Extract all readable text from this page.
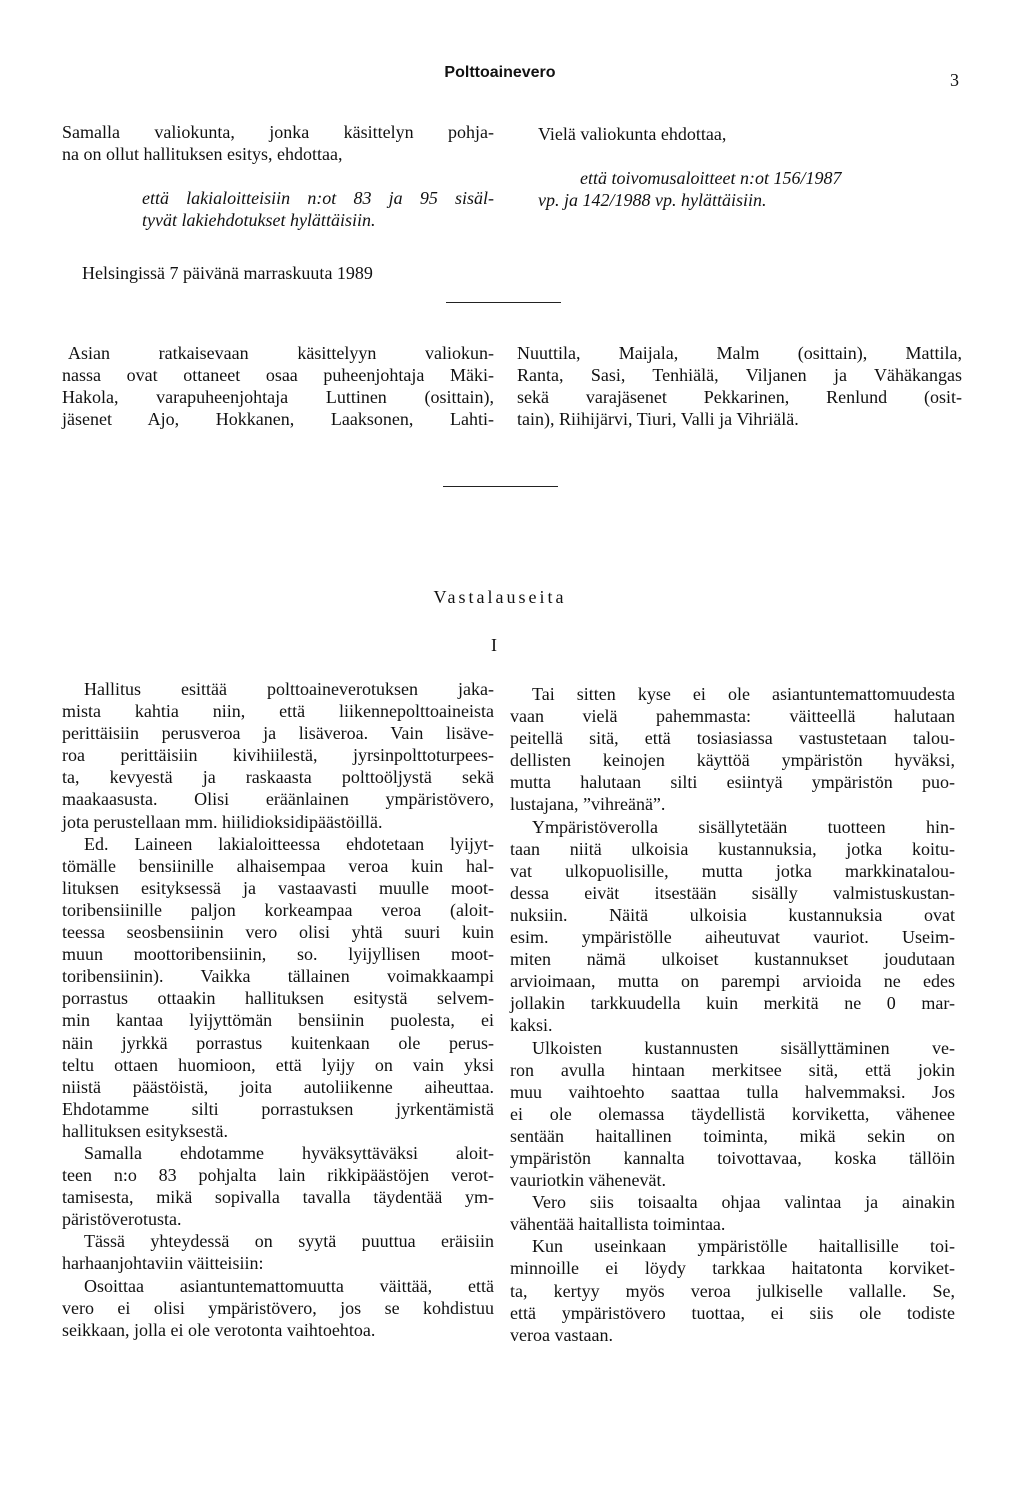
Polttoainevero	3
Samalla valiokunta, jonka käsittelyn pohja-
na on ollut hallituksen esitys, ehdottaa,
että lakialoitteisiin n:ot 83 ja 95 sisäl-
tyvät lakiehdotukset hylättäisiin.
Vielä valiokunta ehdottaa,
että toivomusaloitteet n:ot 156/1987
vp. ja 142/1988 vp. hylättäisiin.
Helsingissä 7 päivänä marraskuuta 1989
Asian ratkaisevaan käsittelyyn valiokun-
nassa ovat ottaneet osaa puheenjohtaja Mäki-
Hakola, varapuheenjohtaja Luttinen (osittain),
jäsenet Ajo, Hokkanen, Laaksonen, Lahti-
Nuuttila, Maijala, Malm (osittain), Mattila,
Ranta, Sasi, Tenhiälä, Viljanen ja Vähäkangas
sekä varajäsenet Pekkarinen, Renlund (osit-
tain), Riihijärvi, Tiuri, Valli ja Vihriälä.
Vastalauseita
I
Hallitus esittää polttoaineverotuksen jaka-
mista kahtia niin, että liikennepolttoaineista
perittäisiin perusveroa ja lisäveroa. Vain lisäve-
roa perittäisiin kivihiilestä, jyrsinpolttoturpees-
ta, kevyestä ja raskaasta polttoöljystä sekä
maakaasusta. Olisi eräänlainen ympäristövero,
jota perustellaan mm. hiilidioksidipäästöillä.
Ed. Laineen lakialoitteessa ehdotetaan lyijyt-
tömälle bensiinille alhaisempaa veroa kuin hal-
lituksen esityksessä ja vastaavasti muulle moot-
toribensiinille paljon korkeampaa veroa (aloit-
teessa seosbensiinin vero olisi yhtä suuri kuin
muun moottoribensiinin, so. lyijyllisen moot-
toribensiinin). Vaikka tällainen voimakkaampi
porrastus ottaakin hallituksen esitystä selvem-
min kantaa lyijyttömän bensiinin puolesta, ei
näin jyrkkä porrastus kuitenkaan ole perus-
teltu ottaen huomioon, että lyijy on vain yksi
niistä päästöistä, joita autoliikenne aiheuttaa.
Ehdotamme silti porrastuksen jyrkentämistä
hallituksen esityksestä.
Samalla ehdotamme hyväksyttäväksi aloit-
teen n:o 83 pohjalta lain rikkipäästöjen verot-
tamisesta, mikä sopivalla tavalla täydentää ym-
päristöverotusta.
Tässä yhteydessä on syytä puuttua eräisiin
harhaanjohtaviin väitteisiin:
Osoittaa asiantuntemattomuutta väittää, että
vero ei olisi ympäristövero, jos se kohdistuu
seikkaan, jolla ei ole verotonta vaihtoehtoa.
Tai sitten kyse ei ole asiantuntemattomuudesta
vaan vielä pahemmasta: väitteellä halutaan
peitellä sitä, että tosiasiassa vastustetaan talou-
dellisten keinojen käyttöä ympäristön hyväksi,
mutta halutaan silti esiintyä ympäristön puo-
lustajana, ”vihreänä”.
Ympäristöverolla sisällytetään tuotteen hin-
taan niitä ulkoisia kustannuksia, jotka koitu-
vat ulkopuolisille, mutta jotka markkinatalou-
dessa eivät itsestään sisälly valmistuskustan-
nuksiin. Näitä ulkoisia kustannuksia ovat
esim. ympäristölle aiheutuvat vauriot. Useim-
miten nämä ulkoiset kustannukset joudutaan
arvioimaan, mutta on parempi arvioida ne edes
jollakin tarkkuudella kuin merkitä ne 0 mar-
kaksi.
Ulkoisten kustannusten sisällyttäminen ve-
ron avulla hintaan merkitsee sitä, että jokin
muu vaihtoehto saattaa tulla halvemmaksi. Jos
ei ole olemassa täydellistä korviketta, vähenee
sentään haitallinen toiminta, mikä sekin on
ympäristön kannalta toivottavaa, koska tällöin
vauriotkin vähenevät.
Vero siis toisaalta ohjaa valintaa ja ainakin
vähentää haitallista toimintaa.
Kun useinkaan ympäristölle haitallisille toi-
minnoille ei löydy tarkkaa haitatonta korviket-
ta, kertyy myös veroa julkiselle vallalle. Se,
että ympäristövero tuottaa, ei siis ole todiste
veroa vastaan.
